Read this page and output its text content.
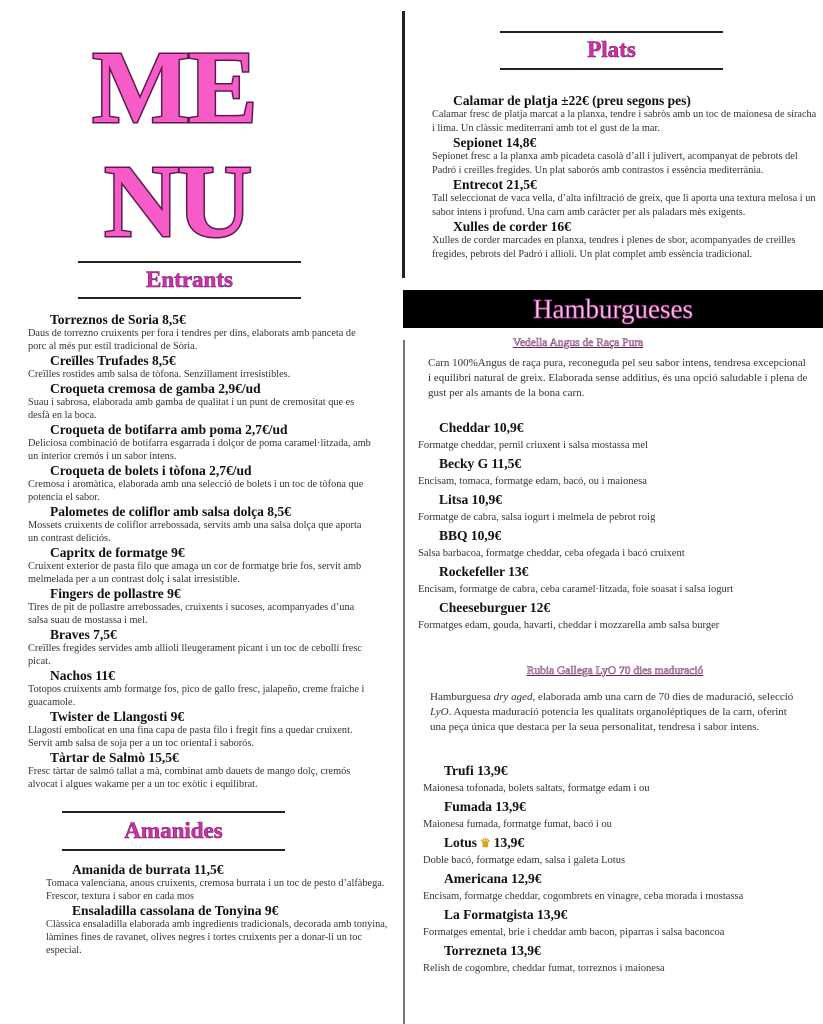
ME
NU
Entrants
Torreznos de Soria 8,5€
Daus de torrezno cruixents per fora i tendres per dins, elaborats amb panceta de porc al més pur estil tradicional de Sòria.
Creïlles Trufades 8,5€
Creïlles rostides amb salsa de tòfona. Senzillament irresistibles.
Croqueta cremosa de gamba 2,9€/ud
Suau i sabrosa, elaborada amb gamba de qualitat i un punt de cremositat que es desfà en la boca.
Croqueta de botifarra amb poma 2,7€/ud
Deliciosa combinació de botifarra esgarrada i dolçor de poma caramel·litzada, amb un interior cremós i un sabor intens.
Croqueta de bolets i tòfona 2,7€/ud
Cremosa i aromàtica, elaborada amb una selecció de bolets i un toc de tòfona que potencia el sabor.
Palometes de coliflor amb salsa dolça 8,5€
Mossets cruixents de coliflor arrebossada, servits amb una salsa dolça que aporta un contrast deliciós.
Capritx de formatge 9€
Cruixent exterior de pasta filo que amaga un cor de formatge brie fos, servit amb melmelada per a un contrast dolç i salat irresistible.
Fingers de pollastre 9€
Tires de pit de pollastre arrebossades, cruixents i sucoses, acompanyades d’una salsa suau de mostassa i mel.
Braves 7,5€
Creïlles fregides servides amb allioli lleugerament picant i un toc de cebollí fresc picat.
Nachos 11€
Totopos cruixents amb formatge fos, pico de gallo fresc, jalapeño, creme fraiche i guacamole.
Twister de Llangosti 9€
Llagostí embolicat en una fina capa de pasta filo i fregit fins a quedar cruixent. Servit amb salsa de soja per a un toc oriental i saborós.
Tàrtar de Salmò 15,5€
Fresc tàrtar de salmó tallat a mà, combinat amb dauets de mango dolç, cremós alvocat i algues wakame per a un toc exòtic i equilibrat.
Amanides
Amanida de burrata 11,5€
Tomaca valenciana, anous cruixents, cremosa burrata i un toc de pesto d’alfàbega. Frescor, textura i sabor en cada mos
Ensaladilla cassolana de Tonyina 9€
Clàssica ensaladilla elaborada amb ingredients tradicionals, decorada amb tonyina, làmines fines de ravanet, olives negres i tortes cruixents per a donar-li un toc especial.
Plats
Calamar de platja ±22€ (preu segons pes)
Calamar fresc de platja marcat a la planxa, tendre i sabròs amb un toc de maionesa de siracha i lima. Un clàssic mediterrani amb tot el gust de la mar.
Sepionet 14,8€
Sepionet fresc a la planxa amb picadeta casolà d’all i julivert, acompanyat de pebrots del Padró i creilles fregides. Un plat saborós amb contrastos i essència mediterrània.
Entrecot 21,5€
Tall seleccionat de vaca vella, d’alta infiltració de greix, que li aporta una textura melosa i un sabor intens i profund. Una carn amb caràcter per als paladars mès exigents.
Xulles de corder 16€
Xulles de corder marcades en planxa, tendres i plenes de sbor, acompanyades de creilles fregides, pebrots del Padró i allioli. Un plat complet amb essència tradicional.
Hamburgueses
Vedella Angus de Raça Pura
Carn 100%Angus de raça pura, reconeguda pel seu sabor intens, tendresa excepcional i equilibri natural de greix. Elaborada sense additius, és una opció saludable i plena de gust per als amants de la bona carn.
Cheddar 10,9€
Formatge cheddar, pernil criuxent i salsa mostassa mel
Becky G 11,5€
Encisam, tomaca, formatge edam, bacó, ou i maionesa
Litsa 10,9€
Formatge de cabra, salsa iogurt i melmela de pebrot roig
BBQ 10,9€
Salsa barbacoa, formatge cheddar, ceba ofegada i bacó cruixent
Rockefeller 13€
Encisam, formatge de cabra, ceba caramel·litzada, foie soasat i salsa iogurt
Cheeseburguer 12€
Formatges edam, gouda, havarti, cheddar i mozzarella amb salsa burger
Rubia Gallega LyO 70 dies maduració
Hamburguesa dry aged, elaborada amb una carn de 70 dies de maduració, selecció LyO. Aquesta maduració potencia les qualitats organoléptiques de la carn, oferint una peça única que destaca per la seua personalitat, tendresa i sabor intens.
Trufi 13,9€
Maionesa tofonada, bolets saltats, formatge edam i ou
Fumada 13,9€
Maionesa fumada, formatge fumat, bacó i ou
Lotus ♛ 13,9€
Doble bacó, formatge edam, salsa i galeta Lotus
Americana 12,9€
Encisam, formatge cheddar, cogombrets en vinagre, ceba morada i mostassa
La Formatgista 13,9€
Formatges emental, brie i cheddar amb bacon, piparras i salsa baconcoa
Torrezneta 13,9€
Relish de cogombre, cheddar fumat, torreznos i maionesa
